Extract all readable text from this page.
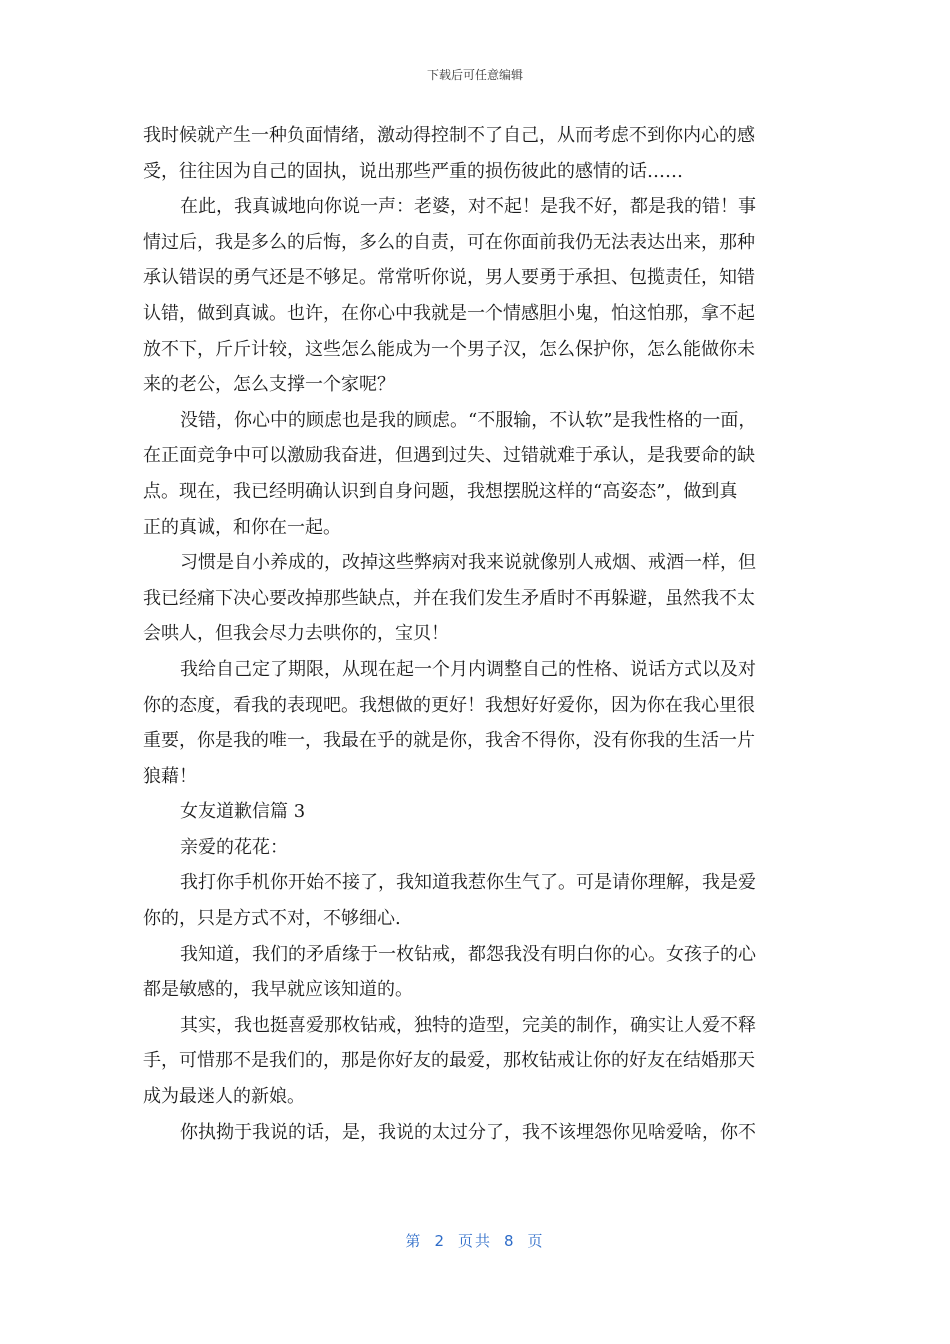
下载后可任意编辑
我时候就产生一种负面情绪，激动得控制不了自己，从而考虑不到你内心的感
受，往往因为自己的固执，说出那些严重的损伤彼此的感情的话……
在此，我真诚地向你说一声：老婆，对不起！是我不好，都是我的错！事
情过后，我是多么的后悔，多么的自责，可在你面前我仍无法表达出来，那种
承认错误的勇气还是不够足。常常听你说，男人要勇于承担、包揽责任，知错
认错，做到真诚。也许，在你心中我就是一个情感胆小鬼，怕这怕那，拿不起
放不下，斤斤计较，这些怎么能成为一个男子汉，怎么保护你，怎么能做你未
来的老公，怎么支撑一个家呢？
没错，你心中的顾虑也是我的顾虑。“不服输，不认软”是我性格的一面，
在正面竞争中可以激励我奋进，但遇到过失、过错就难于承认，是我要命的缺
点。现在，我已经明确认识到自身问题，我想摆脱这样的“高姿态”，做到真
正的真诚，和你在一起。
习惯是自小养成的，改掉这些弊病对我来说就像别人戒烟、戒酒一样，但
我已经痛下决心要改掉那些缺点，并在我们发生矛盾时不再躲避，虽然我不太
会哄人，但我会尽力去哄你的，宝贝！
我给自己定了期限，从现在起一个月内调整自己的性格、说话方式以及对
你的态度，看我的表现吧。我想做的更好！我想好好爱你，因为你在我心里很
重要，你是我的唯一，我最在乎的就是你，我舍不得你，没有你我的生活一片
狼藉！
女友道歉信篇 3
亲爱的花花：
我打你手机你开始不接了，我知道我惹你生气了。可是请你理解，我是爱
你的，只是方式不对，不够细心.
我知道，我们的矛盾缘于一枚钻戒，都怨我没有明白你的心。女孩子的心
都是敏感的，我早就应该知道的。
其实，我也挺喜爱那枚钻戒，独特的造型，完美的制作，确实让人爱不释
手，可惜那不是我们的，那是你好友的最爱，那枚钻戒让你的好友在结婚那天
成为最迷人的新娘。
你执拗于我说的话，是，我说的太过分了，我不该埋怨你见啥爱啥，你不
第 2 页共 8 页
